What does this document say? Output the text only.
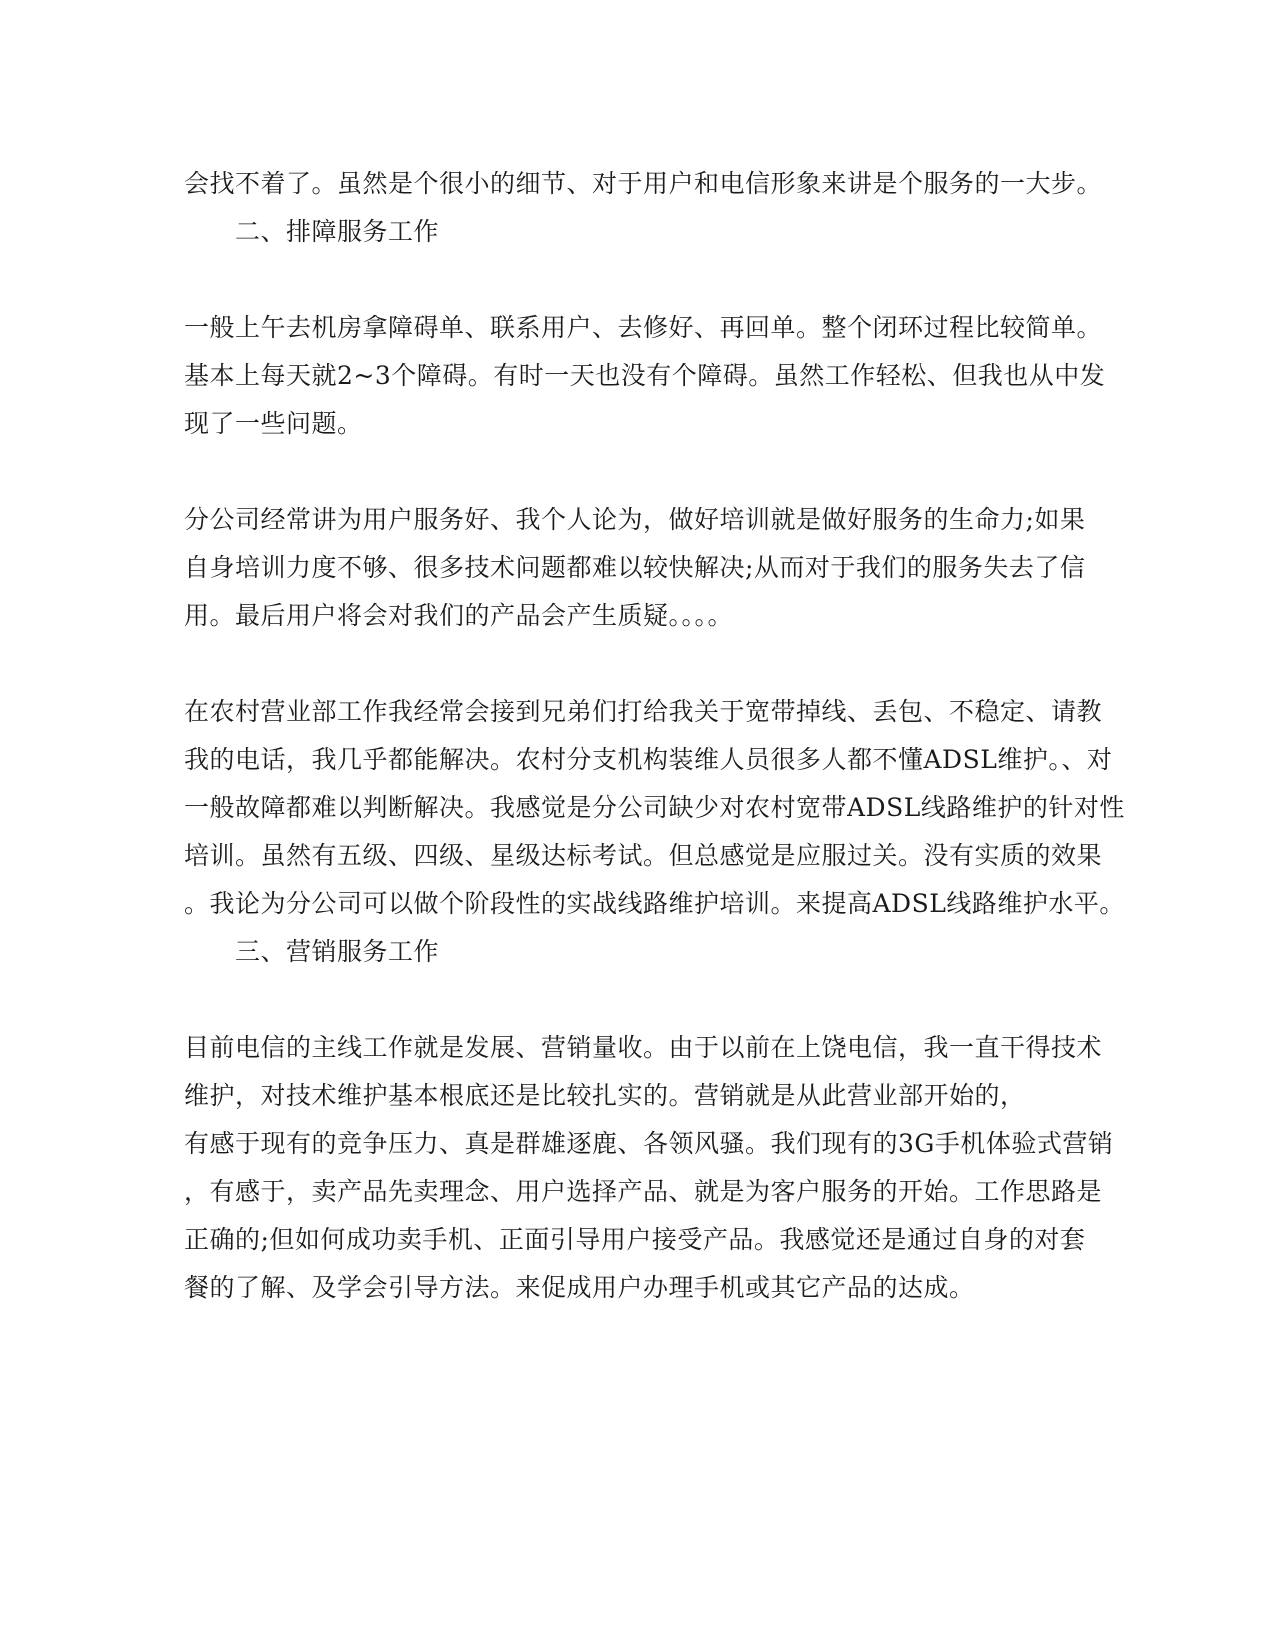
会找不着了。虽然是个很小的细节、对于用户和电信形象来讲是个服务的一大步。
二、排障服务工作
一般上午去机房拿障碍单、联系用户、去修好、再回单。整个闭环过程比较简单。
基本上每天就2~3个障碍。有时一天也没有个障碍。虽然工作轻松、但我也从中发
现了一些问题。
分公司经常讲为用户服务好、我个人论为，做好培训就是做好服务的生命力;如果
自身培训力度不够、很多技术问题都难以较快解决;从而对于我们的服务失去了信
用。最后用户将会对我们的产品会产生质疑。。。。
在农村营业部工作我经常会接到兄弟们打给我关于宽带掉线、丢包、不稳定、请教
我的电话，我几乎都能解决。农村分支机构装维人员很多人都不懂ADSL维护。、对
一般故障都难以判断解决。我感觉是分公司缺少对农村宽带ADSL线路维护的针对性
培训。虽然有五级、四级、星级达标考试。但总感觉是应服过关。没有实质的效果
。我论为分公司可以做个阶段性的实战线路维护培训。来提高ADSL线路维护水平。
三、营销服务工作
目前电信的主线工作就是发展、营销量收。由于以前在上饶电信，我一直干得技术
维护，对技术维护基本根底还是比较扎实的。营销就是从此营业部开始的，
有感于现有的竞争压力、真是群雄逐鹿、各领风骚。我们现有的3G手机体验式营销
，有感于，卖产品先卖理念、用户选择产品、就是为客户服务的开始。工作思路是
正确的;但如何成功卖手机、正面引导用户接受产品。我感觉还是通过自身的对套
餐的了解、及学会引导方法。来促成用户办理手机或其它产品的达成。
